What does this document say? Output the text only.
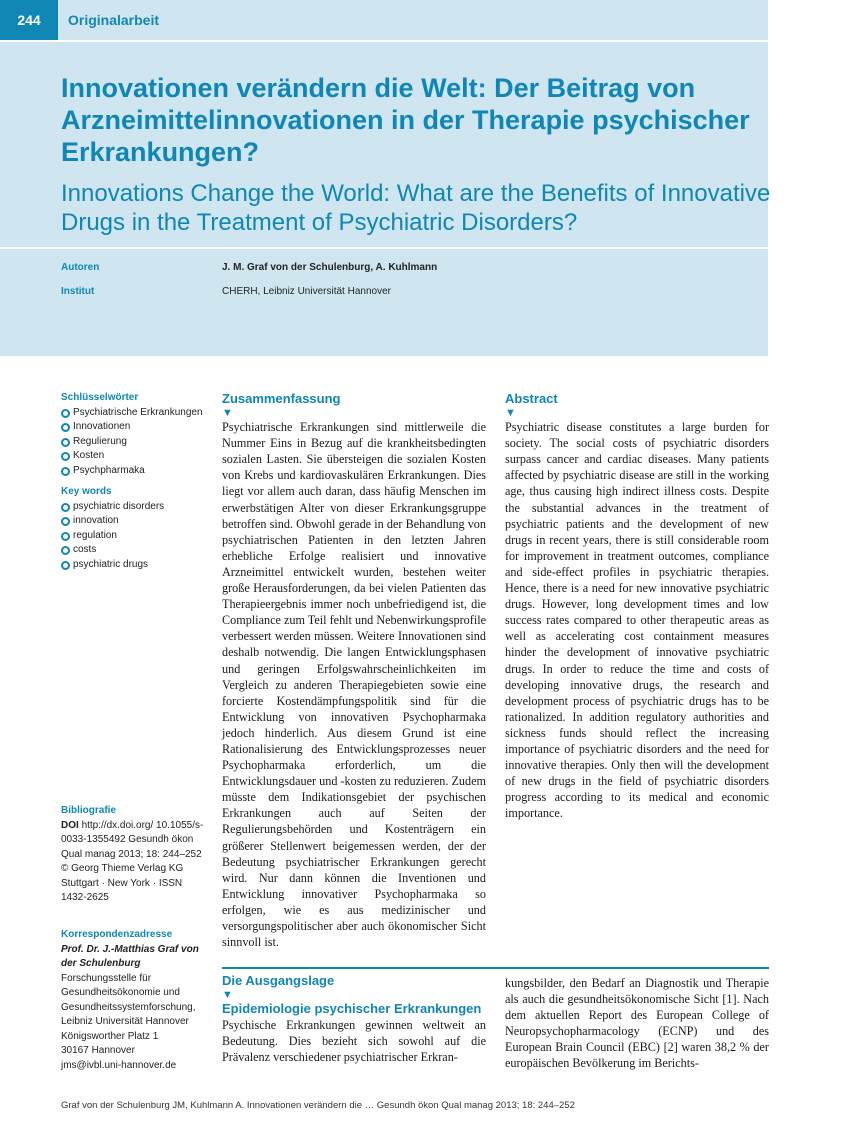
244	Originalarbeit
Innovationen verändern die Welt: Der Beitrag von Arzneimittelinnovationen in der Therapie psychischer Erkrankungen?
Innovations Change the World: What are the Benefits of Innovative Drugs in the Treatment of Psychiatric Disorders?
Autoren	J. M. Graf von der Schulenburg, A. Kuhlmann
Institut	CHERH, Leibniz Universität Hannover
Schlüsselwörter
Psychiatrische Erkrankungen
Innovationen
Regulierung
Kosten
Psychpharmaka
Key words
psychiatric disorders
innovation
regulation
costs
psychiatric drugs
Bibliografie
DOI http://dx.doi.org/ 10.1055/s-0033-1355492 Gesundh ökon Qual manag 2013; 18: 244–252 © Georg Thieme Verlag KG Stuttgart · New York · ISSN 1432-2625
Korrespondenzadresse
Prof. Dr. J.-Matthias Graf von der Schulenburg
Forschungsstelle für
Gesundheitsökonomie und
Gesundheitssystemforschung,
Leibniz Universität Hannover
Königsworther Platz 1
30167 Hannover
jms@ivbl.uni-hannover.de
Zusammenfassung
▼
Psychiatrische Erkrankungen sind mittlerweile die Nummer Eins in Bezug auf die krankheitsbedingten sozialen Lasten. Sie übersteigen die sozialen Kosten von Krebs und kardiovaskulären Erkrankungen. Dies liegt vor allem auch daran, dass häufig Menschen im erwerbstätigen Alter von dieser Erkrankungsgruppe betroffen sind. Obwohl gerade in der Behandlung von psychiatrischen Patienten in den letzten Jahren erhebliche Erfolge realisiert und innovative Arzneimittel entwickelt wurden, bestehen weiter große Herausforderungen, da bei vielen Patienten das Therapieergebnis immer noch unbefriedigend ist, die Compliance zum Teil fehlt und Nebenwirkungsprofile verbessert werden müssen. Weitere Innovationen sind deshalb notwendig. Die langen Entwicklungsphasen und geringen Erfolgswahrscheinlichkeiten im Vergleich zu anderen Therapiegebieten sowie eine forcierte Kostendämpfungspolitik sind für die Entwicklung von innovativen Psychopharmaka jedoch hinderlich. Aus diesem Grund ist eine Rationalisierung des Entwicklungsprozesses neuer Psychopharmaka erforderlich, um die Entwicklungsdauer und -kosten zu reduzieren. Zudem müsste dem Indikationsgebiet der psychischen Erkrankungen auch auf Seiten der Regulierungsbehörden und Kostenträgern ein größerer Stellenwert beigemessen werden, der der Bedeutung psychiatrischer Erkrankungen gerecht wird. Nur dann können die Inventionen und Entwicklung innovativer Psychopharmaka so erfolgen, wie es aus medizinischer und versorgungspolitischer aber auch ökonomischer Sicht sinnvoll ist.
Abstract
▼
Psychiatric disease constitutes a large burden for society. The social costs of psychiatric disorders surpass cancer and cardiac diseases. Many patients affected by psychiatric disease are still in the working age, thus causing high indirect illness costs. Despite the substantial advances in the treatment of psychiatric patients and the development of new drugs in recent years, there is still considerable room for improvement in treatment outcomes, compliance and side-effect profiles in psychiatric therapies. Hence, there is a need for new innovative psychiatric drugs. However, long development times and low success rates compared to other therapeutic areas as well as accelerating cost containment measures hinder the development of innovative psychiatric drugs. In order to reduce the time and costs of developing innovative drugs, the research and development process of psychiatric drugs has to be rationalized. In addition regulatory authorities and sickness funds should reflect the increasing importance of psychiatric disorders and the need for innovative therapies. Only then will the development of new drugs in the field of psychiatric disorders progress according to its medical and economic importance.
Die Ausgangslage
▼
Epidemiologie psychischer Erkrankungen
Psychische Erkrankungen gewinnen weltweit an Bedeutung. Dies bezieht sich sowohl auf die Prävalenz verschiedener psychiatrischer Erkran-
kungsbilder, den Bedarf an Diagnostik und Therapie als auch die gesundheitsökonomische Sicht [1]. Nach dem aktuellen Report des European College of Neuropsychopharmacology (ECNP) und des European Brain Council (EBC) [2] waren 38,2 % der europäischen Bevölkerung im Berichts-
Graf von der Schulenburg JM, Kuhlmann A. Innovationen verändern die … Gesundh ökon Qual manag 2013; 18: 244–252
